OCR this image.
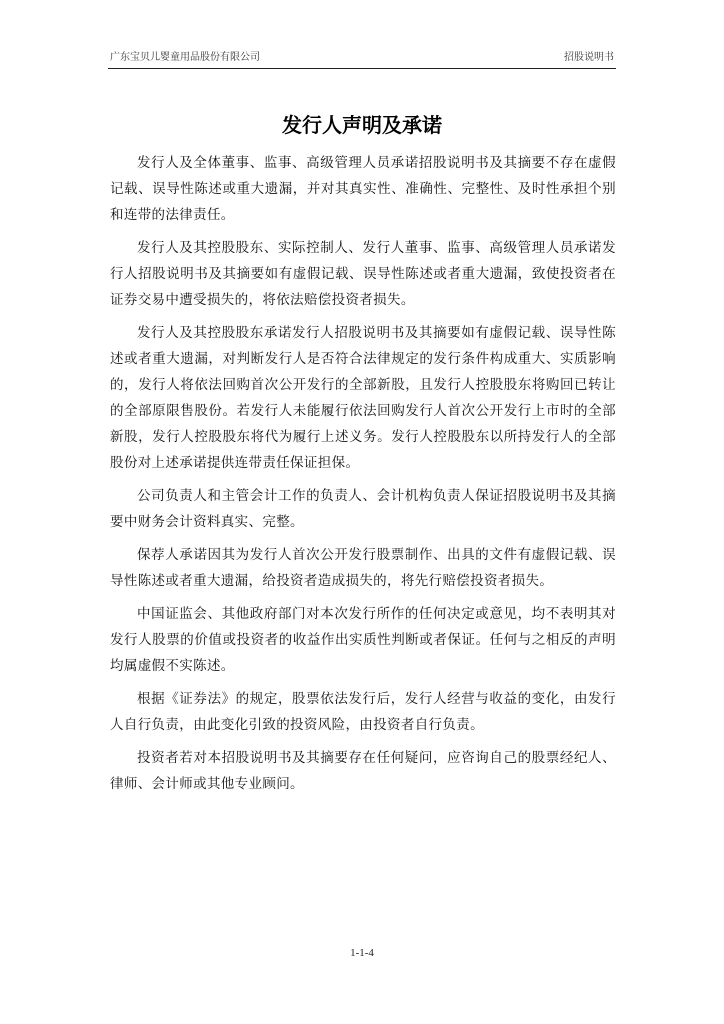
广东宝贝儿婴童用品股份有限公司	招股说明书
发行人声明及承诺

发行人及全体董事、监事、高级管理人员承诺招股说明书及其摘要不存在虚假记载、误导性陈述或重大遗漏，并对其真实性、准确性、完整性、及时性承担个别和连带的法律责任。

发行人及其控股股东、实际控制人、发行人董事、监事、高级管理人员承诺发行人招股说明书及其摘要如有虚假记载、误导性陈述或者重大遗漏，致使投资者在证券交易中遭受损失的，将依法赔偿投资者损失。

发行人及其控股股东承诺发行人招股说明书及其摘要如有虚假记载、误导性陈述或者重大遗漏，对判断发行人是否符合法律规定的发行条件构成重大、实质影响的，发行人将依法回购首次公开发行的全部新股，且发行人控股股东将购回已转让的全部原限售股份。若发行人未能履行依法回购发行人首次公开发行上市时的全部新股，发行人控股股东将代为履行上述义务。发行人控股股东以所持发行人的全部股份对上述承诺提供连带责任保证担保。

公司负责人和主管会计工作的负责人、会计机构负责人保证招股说明书及其摘要中财务会计资料真实、完整。

保荐人承诺因其为发行人首次公开发行股票制作、出具的文件有虚假记载、误导性陈述或者重大遗漏，给投资者造成损失的，将先行赔偿投资者损失。

中国证监会、其他政府部门对本次发行所作的任何决定或意见，均不表明其对发行人股票的价值或投资者的收益作出实质性判断或者保证。任何与之相反的声明均属虚假不实陈述。

根据《证券法》的规定，股票依法发行后，发行人经营与收益的变化，由发行人自行负责，由此变化引致的投资风险，由投资者自行负责。

投资者若对本招股说明书及其摘要存在任何疑问，应咨询自己的股票经纪人、律师、会计师或其他专业顾问。

1-1-4
